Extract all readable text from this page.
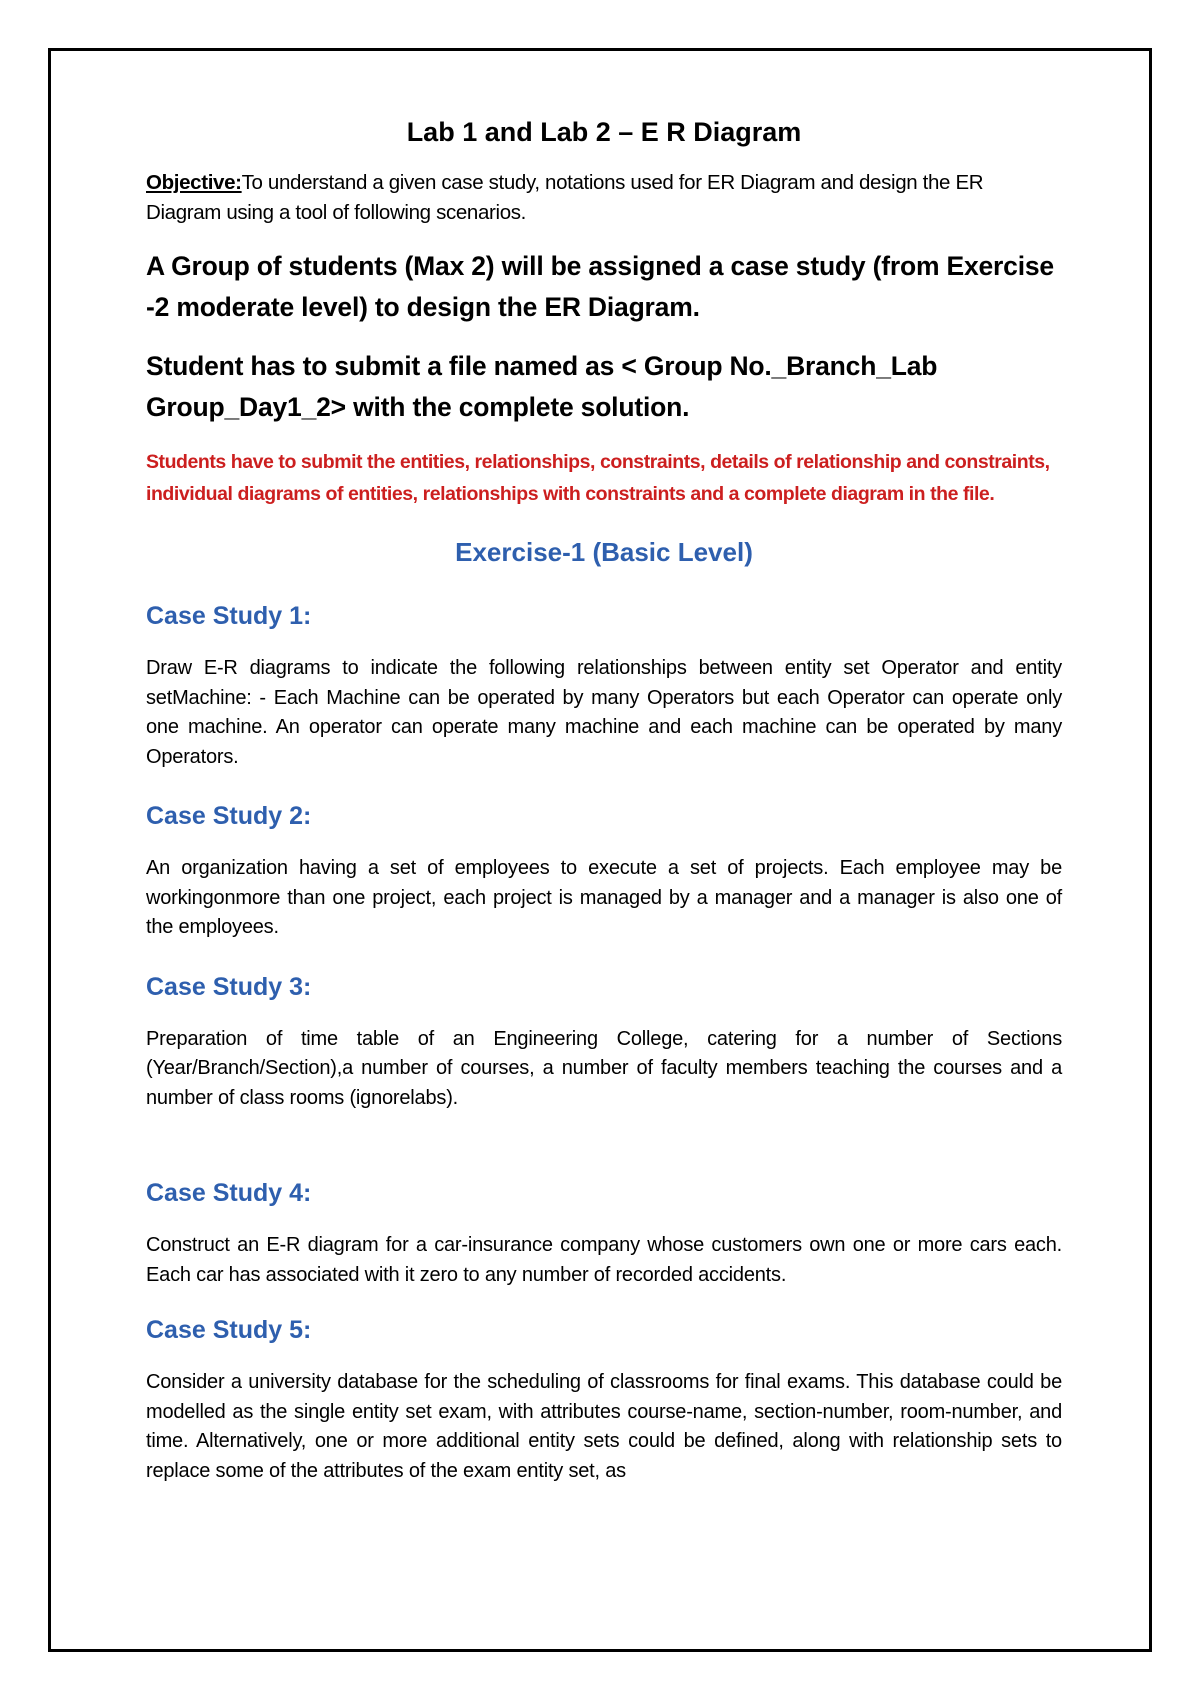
Lab 1 and Lab 2 – E R Diagram

Objective:To understand a given case study, notations used for ER Diagram and design the ER Diagram using a tool of following scenarios.

A Group of students (Max 2) will be assigned a case study (from Exercise -2 moderate level) to design the ER Diagram.

Student has to submit a file named as < Group No._Branch_Lab Group_Day1_2> with the complete solution.

Students have to submit the entities, relationships, constraints, details of relationship and constraints, individual diagrams of entities, relationships with constraints and a complete diagram in the file.

Exercise-1 (Basic Level)
Case Study 1:

Draw E-R diagrams to indicate the following relationships between entity set Operator and entity setMachine: - Each Machine can be operated by many Operators but each Operator can operate only one machine. An operator can operate many machine and each machine can be operated by many Operators.

Case Study 2:

An organization having a set of employees to execute a set of projects. Each employee may be workingonmore than one project, each project is managed by a manager and a manager is also one of the employees.

Case Study 3:

Preparation of time table of an Engineering College, catering for a number of Sections (Year/Branch/Section),a number of courses, a number of faculty members teaching the courses and a number of class rooms (ignorelabs).

Case Study 4:

Construct an E-R diagram for a car-insurance company whose customers own one or more cars each. Each car has associated with it zero to any number of recorded accidents.

Case Study 5:

Consider a university database for the scheduling of classrooms for final exams. This database could be modelled as the single entity set exam, with attributes course-name, section-number, room-number, and time. Alternatively, one or more additional entity sets could be defined, along with relationship sets to replace some of the attributes of the exam entity set, as
